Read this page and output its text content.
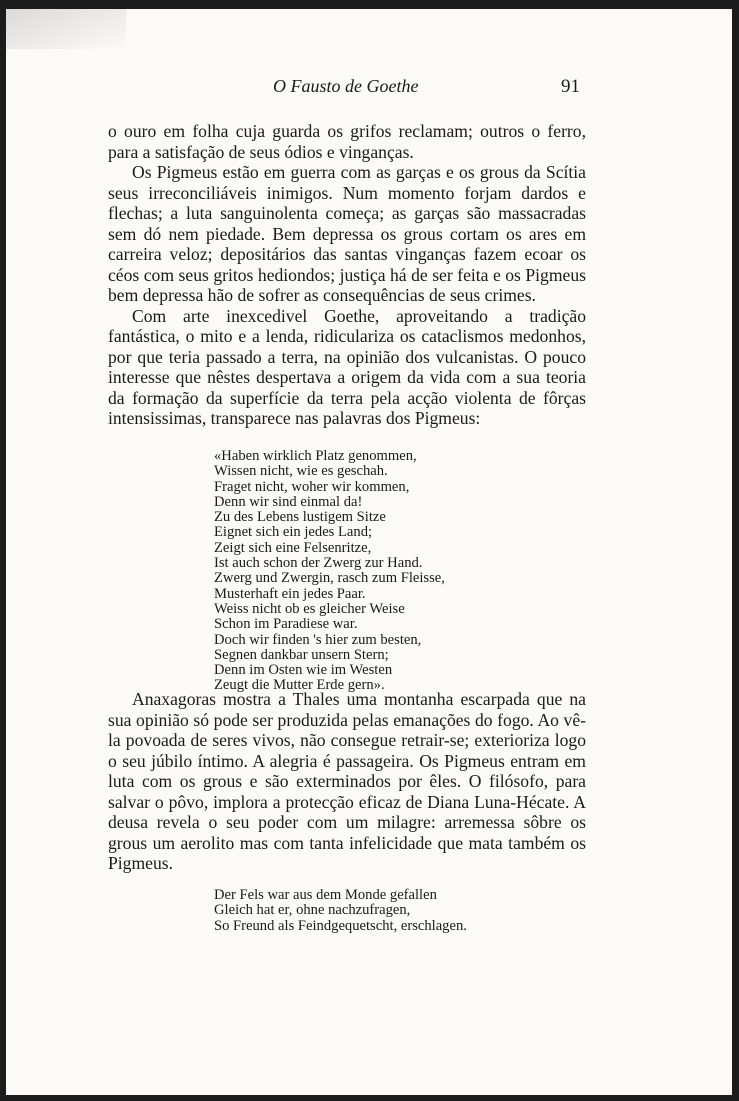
O Fausto de Goethe	91

o ouro em folha cuja guarda os grifos reclamam; outros o ferro, para a satisfação de seus ódios e vinganças.

Os Pigmeus estão em guerra com as garças e os grous da Scítia seus irreconciliáveis inimigos. Num momento forjam dardos e flechas; a luta sanguinolenta começa; as garças são massacradas sem dó nem piedade. Bem depressa os grous cortam os ares em carreira veloz; depositários das santas vinganças fazem ecoar os céos com seus gritos hediondos; justiça há de ser feita e os Pigmeus bem depressa hão de sofrer as consequências de seus crimes.

Com arte inexcedivel Goethe, aproveitando a tradição fantástica, o mito e a lenda, ridiculariza os cataclismos medonhos, por que teria passado a terra, na opinião dos vulcanistas. O pouco interesse que nêstes despertava a origem da vida com a sua teoria da formação da superfície da terra pela acção violenta de fôrças intensissimas, transparece nas palavras dos Pigmeus:

«Haben wirklich Platz genommen,
Wissen nicht, wie es geschah.
Fraget nicht, woher wir kommen,
Denn wir sind einmal da!
Zu des Lebens lustigem Sitze
Eignet sich ein jedes Land;
Zeigt sich eine Felsenritze,
Ist auch schon der Zwerg zur Hand.
Zwerg und Zwergin, rasch zum Fleisse,
Musterhaft ein jedes Paar.
Weiss nicht ob es gleicher Weise
Schon im Paradiese war.
Doch wir finden 's hier zum besten,
Segnen dankbar unsern Stern;
Denn im Osten wie im Westen
Zeugt die Mutter Erde gern».

Anaxagoras mostra a Thales uma montanha escarpada que na sua opinião só pode ser produzida pelas emanações do fogo. Ao vê-la povoada de seres vivos, não consegue retrair-se; exterioriza logo o seu júbilo íntimo. A alegria é passageira. Os Pigmeus entram em luta com os grous e são exterminados por êles. O filósofo, para salvar o pôvo, implora a protecção eficaz de Diana Luna-Hécate. A deusa revela o seu poder com um milagre: arremessa sôbre os grous um aerolito mas com tanta infelicidade que mata também os Pigmeus.

Der Fels war aus dem Monde gefallen
Gleich hat er, ohne nachzufragen,
So Freund als Feindgequetscht, erschlagen.
